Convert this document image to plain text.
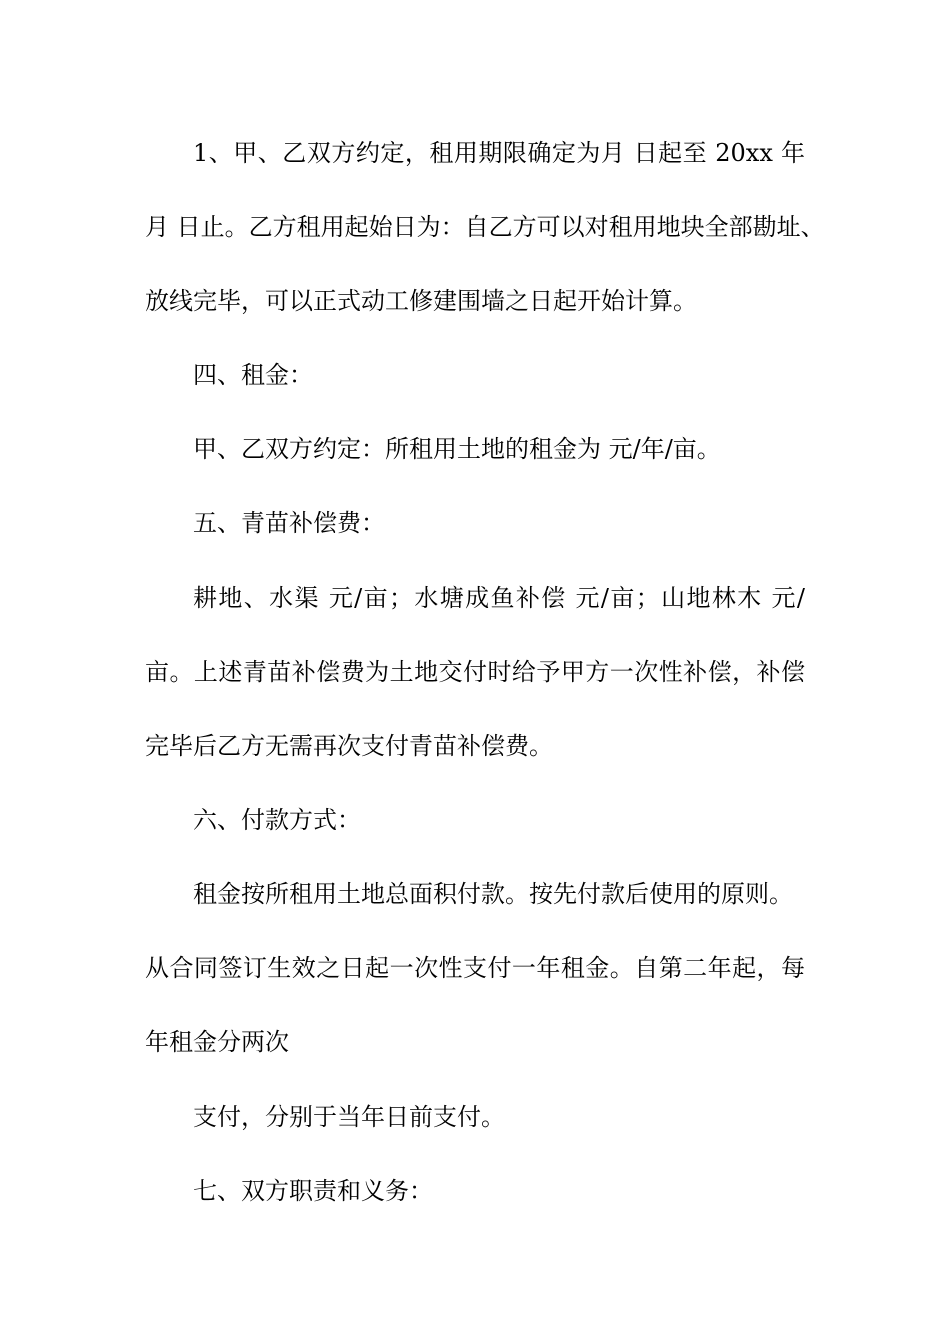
1、甲、乙双方约定，租用期限确定为月 日起至 20xx 年
月 日止。乙方租用起始日为：自乙方可以对租用地块全部勘址、
放线完毕，可以正式动工修建围墙之日起开始计算。
四、租金：
甲、乙双方约定：所租用土地的租金为 元/年/亩。
五、青苗补偿费：
耕地、水渠 元/亩；水塘成鱼补偿 元/亩；山地林木 元/
亩。上述青苗补偿费为土地交付时给予甲方一次性补偿，补偿
完毕后乙方无需再次支付青苗补偿费。
六、付款方式：
租金按所租用土地总面积付款。按先付款后使用的原则。
从合同签订生效之日起一次性支付一年租金。自第二年起，每
年租金分两次
支付，分别于当年日前支付。
七、双方职责和义务：
